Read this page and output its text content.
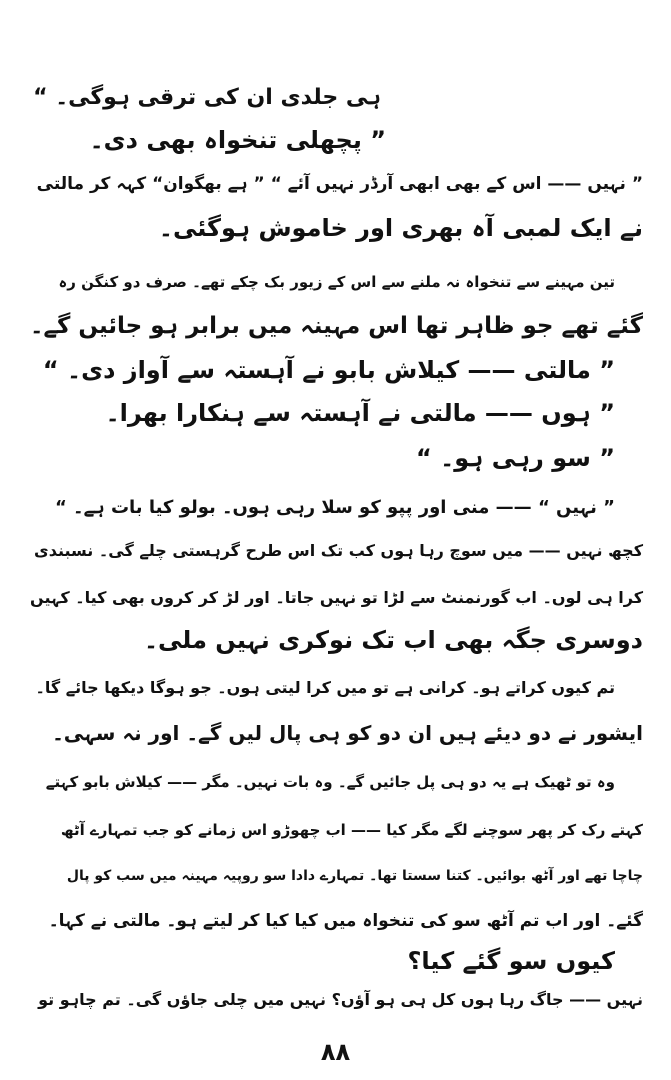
ہی جلدی ان کی ترقی ہوگی۔ “
” پچھلی تنخواہ بھی دی۔
” نہیں —— اس کے بھی ابھی آرڈر نہیں آئے “ ” ہے بھگوان“ کہہ کر مالتی
نے ایک لمبی آہ بھری اور خاموش ہوگئی۔
تین مہینے سے تنخواہ نہ ملنے سے اس کے زیور بک چکے تھے۔ صرف دو کنگن رہ
گئے تھے جو ظاہر تھا اس مہینہ میں برابر ہو جائیں گے۔
” مالتی —— کیلاش بابو نے آہستہ سے آواز دی۔ “
” ہوں —— مالتی نے آہستہ سے ہنکارا بھرا۔
” سو رہی ہو۔ “
” نہیں “ —— منی اور پپو کو سلا رہی ہوں۔ بولو کیا بات ہے۔ “
کچھ نہیں —— میں سوچ رہا ہوں کب تک اس طرح گرہستی چلے گی۔ نسبندی
کرا ہی لوں۔ اب گورنمنٹ سے لڑا تو نہیں جاتا۔ اور لڑ کر کروں بھی کیا۔ کہیں
دوسری جگہ بھی اب تک نوکری نہیں ملی۔
تم کیوں کراتے ہو۔ کرانی ہے تو میں کرا لیتی ہوں۔ جو ہوگا دیکھا جائے گا۔
ایشور نے دو دیئے ہیں ان دو کو ہی پال لیں گے۔ اور نہ سہی۔
وہ تو ٹھیک ہے یہ دو ہی پل جائیں گے۔ وہ بات نہیں۔ مگر —— کیلاش بابو کہتے
کہتے رک کر پھر سوچنے لگے مگر کیا —— اب چھوڑو اس زمانے کو جب تمہارے آٹھ
چاچا تھے اور آٹھ بوائیں۔ کتنا سستا تھا۔ تمہارے دادا سو روپیہ مہینہ میں سب کو پال
گئے۔ اور اب تم آٹھ سو کی تنخواہ میں کیا کیا کر لیتے ہو۔ مالتی نے کہا۔
کیوں سو گئے کیا؟
نہیں —— جاگ رہا ہوں کل ہی ہو آؤں؟ نہیں میں چلی جاؤں گی۔ تم چاہو تو
۸۸
